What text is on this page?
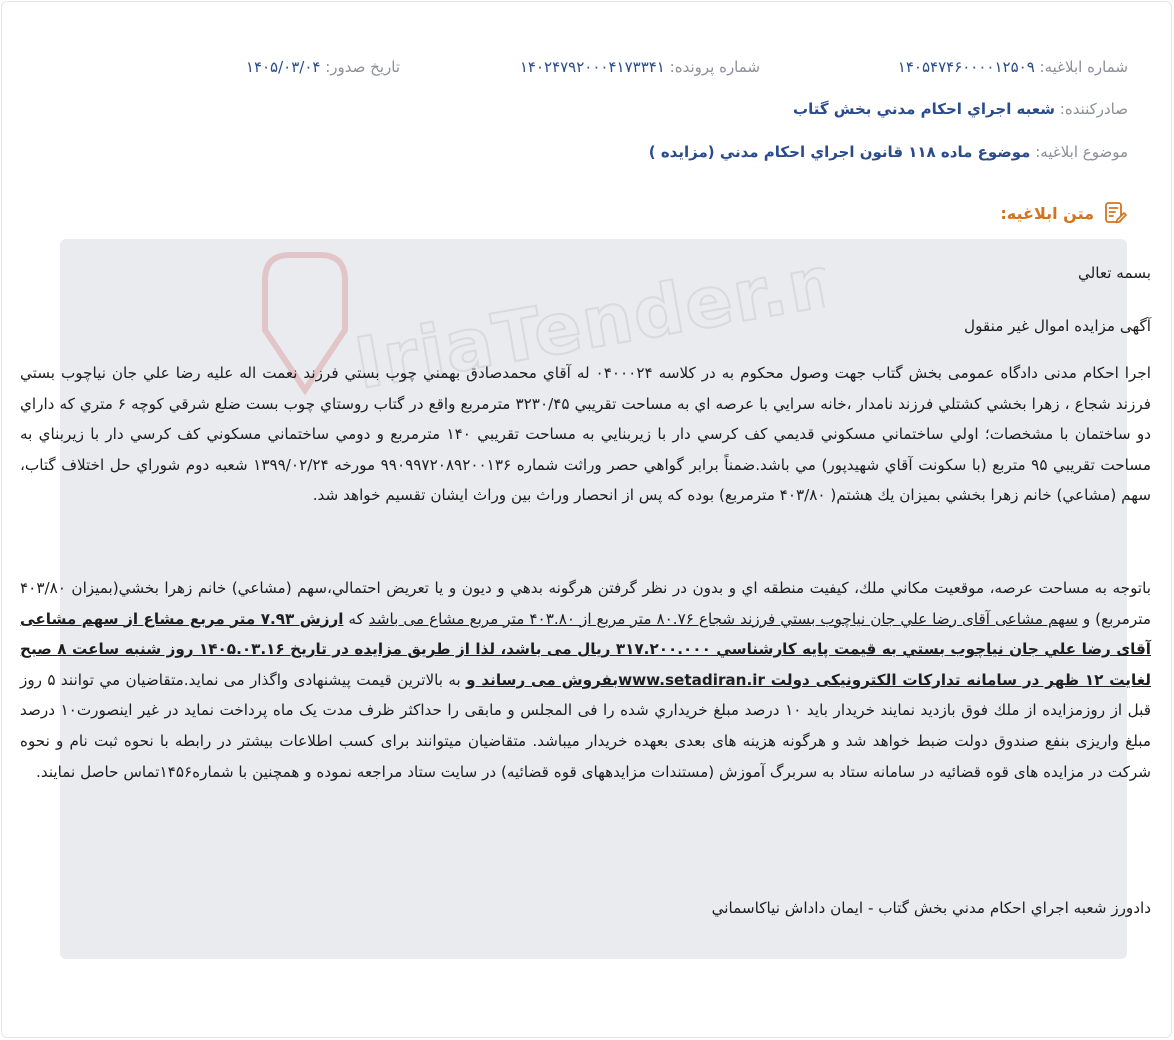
شماره ابلاغيه: ۱۴۰۵۴۷۴۶۰۰۰۰۱۲۵۰۹
شماره پرونده: ۱۴۰۲۴۷۹۲۰۰۰۴۱۷۳۳۴۱
تاريخ صدور: ۱۴۰۵/۰۳/۰۴
صادرکننده: شعبه اجراي احكام مدني بخش گتاب
موضوع ابلاغيه: موضوع ماده ۱۱۸ قانون اجراي احكام مدني (مزايده )
متن ابلاغيه:
IriaTender.net	بسمه تعالي
آگهی مزایده اموال غیر منقول
اجرا احکام مدنی دادگاه عمومی بخش گتاب جهت وصول محکوم به در کلاسه ۰۴۰۰۰۲۴ له آقاي محمدصادق بهمني چوب بستي فرزند نعمت اله عليه رضا علي جان نياچوب بستي فرزند شجاع ، زهرا بخشي کشتلي فرزند نامدار ،خانه سرايي با عرصه اي به مساحت تقريبي ۳۲۳۰/۴۵ مترمربع واقع در گتاب روستاي چوب بست ضلع شرقي کوچه ۶ متري که داراي دو ساختمان با مشخصات؛ اولي ساختماني مسكوني قديمي كف كرسي دار با زيربنايي به مساحت تقريبي ۱۴۰ مترمربع و دومي ساختماني مسكوني كف كرسي دار با زيربناي به مساحت تقريبي ۹۵ متربع (با سكونت آقاي شهيدپور) مي باشد.ضمناً برابر گواهي حصر وراثت شماره ۹۹۰۹۹۷۲۰۸۹۲۰۰۱۳۶ مورخه ۱۳۹۹/۰۲/۲۴ شعبه دوم شوراي حل اختلاف گتاب، سهم (مشاعي) خانم زهرا بخشي بميزان يك هشتم( ۴۰۳/۸۰ مترمربع) بوده كه پس از انحصار وراث بين وراث ايشان تقسيم خواهد شد.
باتوجه به مساحت عرصه، موقعيت مكاني ملك، كيفيت منطقه اي و بدون در نظر گرفتن هرگونه بدهي و ديون و يا تعريض احتمالي،سهم (مشاعي) خانم زهرا بخشي(بميزان ۴۰۳/۸۰ مترمربع) و سهم مشاعی آقای رضا علي جان نياچوب بستي فرزند شجاع ۸۰.۷۶ متر مربع از ۴۰۳.۸۰ متر مربع مشاع می باشد که ارزش ۷.۹۳ متر مربع مشاع از سهم مشاعی آقای رضا علي جان نياچوب بستي به قيمت پايه كارشناسي ۳۱۷.۲۰۰.۰۰۰ ريال می باشد، لذا از طریق مزایده در تاریخ ۱۴۰۵.۰۳.۱۶ روز شنبه ساعت ۸ صبح لغایت ۱۲ ظهر در سامانه تدارکات الکترونیکی دولت www.setadiran.irبفروش می رساند و به بالاترین قیمت پیشنهادی واگذار می نماید.متقاضيان مي توانند ۵ روز قبل از روزمزايده از ملك فوق بازديد نمايند خريدار بايد ۱۰ درصد مبلغ خريداري شده را فی المجلس و مابقی را حداکثر ظرف مدت یک ماه پرداخت نماید در غیر اینصورت۱۰ درصد مبلغ واریزی بنفع صندوق دولت ضبط خواهد شد و هرگونه هزینه های بعدی بعهده خریدار میباشد. متقاضیان میتوانند برای کسب اطلاعات بیشتر در رابطه با نحوه ثبت نام و نحوه شرکت در مزایده های قوه قضائیه در سامانه ستاد به سربرگ آموزش (مستندات مزایدههای قوه قضائیه) در سایت ستاد مراجعه نموده و همچنین با شماره۱۴۵۶تماس حاصل نمایند.
دادورز شعبه اجراي احكام مدني بخش گتاب - ايمان داداش نياكاسماني
